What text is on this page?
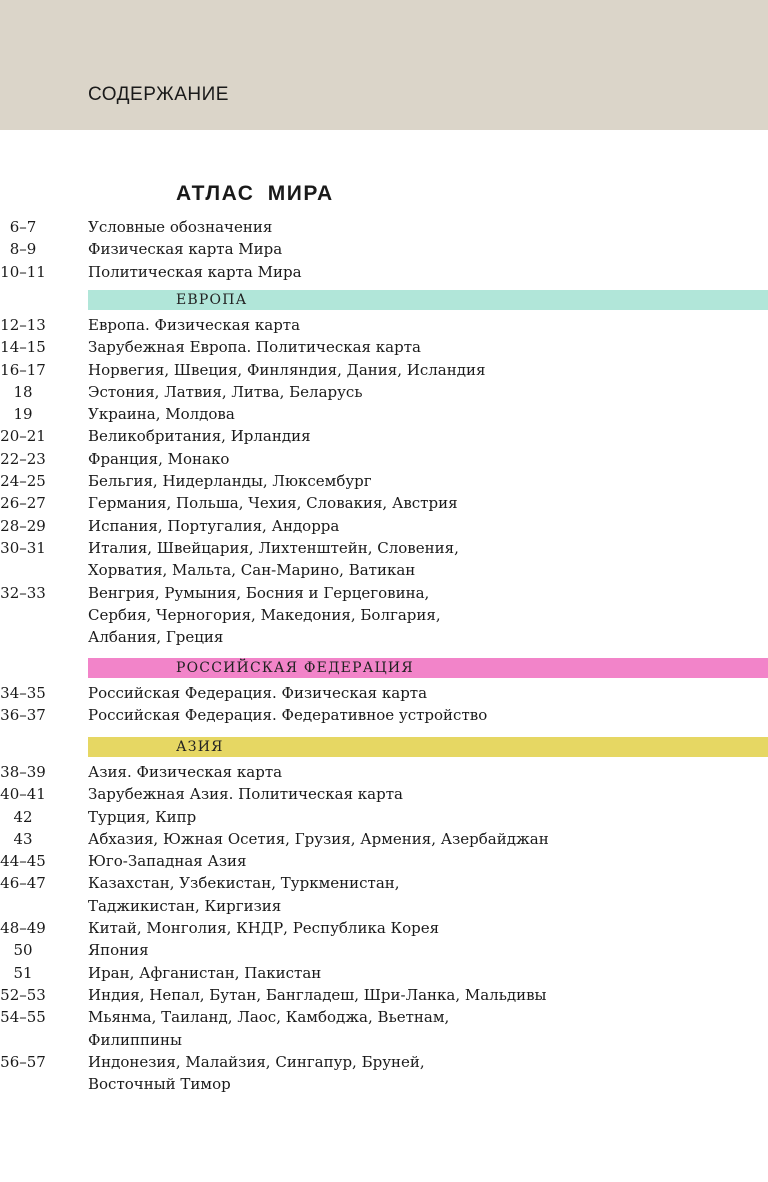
СОДЕРЖАНИЕ
АТЛАС МИРА
6–7	Условные обозначения
8–9	Физическая карта Мира
10–11	Политическая карта Мира
ЕВРОПА
12–13	Европа. Физическая карта
14–15	Зарубежная Европа. Политическая карта
16–17	Норвегия, Швеция, Финляндия, Дания, Исландия
18	Эстония, Латвия, Литва, Беларусь
19	Украина, Молдова
20–21	Великобритания, Ирландия
22–23	Франция, Монако
24–25	Бельгия, Нидерланды, Люксембург
26–27	Германия, Польша, Чехия, Словакия, Австрия
28–29	Испания, Португалия, Андорра
30–31	Италия, Швейцария, Лихтенштейн, Словения,
Хорватия, Мальта, Сан-Марино, Ватикан
32–33	Венгрия, Румыния, Босния и Герцеговина,
Сербия, Черногория, Македония, Болгария,
Албания, Греция
РОССИЙСКАЯ ФЕДЕРАЦИЯ
34–35	Российская Федерация. Физическая карта
36–37	Российская Федерация. Федеративное устройство
АЗИЯ
38–39	Азия. Физическая карта
40–41	Зарубежная Азия. Политическая карта
42	Турция, Кипр
43	Абхазия, Южная Осетия, Грузия, Армения, Азербайджан
44–45	Юго-Западная Азия
46–47	Казахстан, Узбекистан, Туркменистан,
Таджикистан, Киргизия
48–49	Китай, Монголия, КНДР, Республика Корея
50	Япония
51	Иран, Афганистан, Пакистан
52–53	Индия, Непал, Бутан, Бангладеш, Шри-Ланка, Мальдивы
54–55	Мьянма, Таиланд, Лаос, Камбоджа, Вьетнам,
Филиппины
56–57	Индонезия, Малайзия, Сингапур, Бруней,
Восточный Тимор
